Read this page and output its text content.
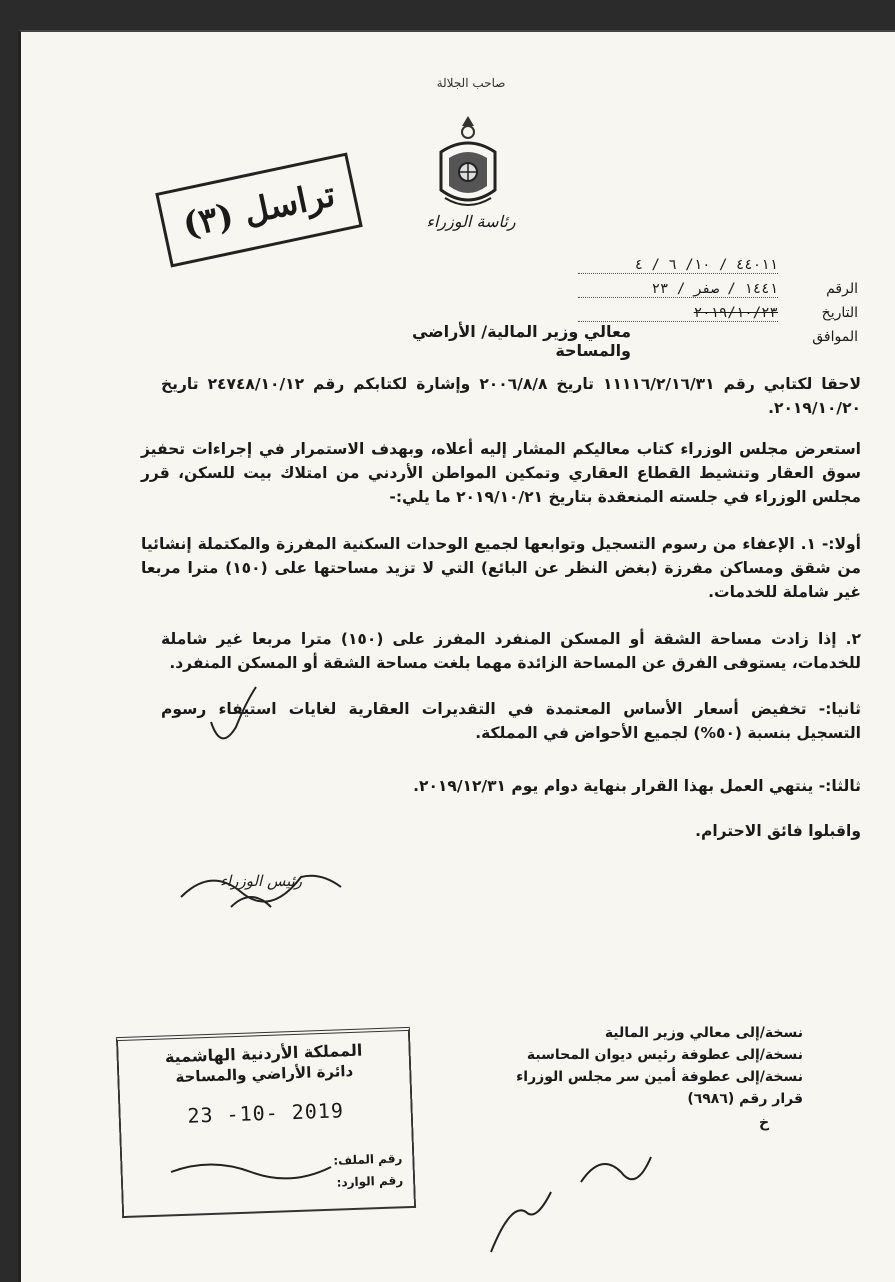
صاحب الجلالة
رئاسة الوزراء
تراسل (٣)
٤٤٠١١ / ١٠/ ٦ / ٤
الرقم
١٤٤١ / صفر / ٢٣
التاريخ
٢٠١٩/١٠/٢٣
الموافق
معالي وزير المالية/ الأراضي والمساحة
لاحقا لكتابي رقم ١١١١٦/٢/١٦/٣١ تاريخ ٢٠٠٦/٨/٨ وإشارة لكتابكم رقم ٢٤٧٤٨/١٠/١٢ تاريخ ٢٠١٩/١٠/٢٠.
استعرض مجلس الوزراء كتاب معاليكم المشار إليه أعلاه، وبهدف الاستمرار في إجراءات تحفيز سوق العقار وتنشيط القطاع العقاري وتمكين المواطن الأردني من امتلاك بيت للسكن، قرر مجلس الوزراء في جلسته المنعقدة بتاريخ ٢٠١٩/١٠/٢١ ما يلي:-
أولا:- ١. الإعفاء من رسوم التسجيل وتوابعها لجميع الوحدات السكنية المفرزة والمكتملة إنشائيا من شقق ومساكن مفرزة (بغض النظر عن البائع) التي لا تزيد مساحتها على (١٥٠) مترا مربعا غير شاملة للخدمات.
٢. إذا زادت مساحة الشقة أو المسكن المنفرد المفرز على (١٥٠) مترا مربعا غير شاملة للخدمات، يستوفى الفرق عن المساحة الزائدة مهما بلغت مساحة الشقة أو المسكن المنفرد.
ثانيا:- تخفيض أسعار الأساس المعتمدة في التقديرات العقارية لغايات استيفاء رسوم التسجيل بنسبة (٥٠%) لجميع الأحواض في المملكة.
ثالثا:- ينتهي العمل بهذا القرار بنهاية دوام يوم ٢٠١٩/١٢/٣١.
واقبلوا فائق الاحترام.
رئيس الوزراء
نسخة/إلى معالي وزير المالية
نسخة/إلى عطوفة رئيس ديوان المحاسبة
نسخة/إلى عطوفة أمين سر مجلس الوزراء
قرار رقم (٦٩٨٦)
خ
المملكة الأردنية الهاشمية
دائرة الأراضي والمساحة
23 -10- 2019
رقم الملف:
رقم الوارد:
